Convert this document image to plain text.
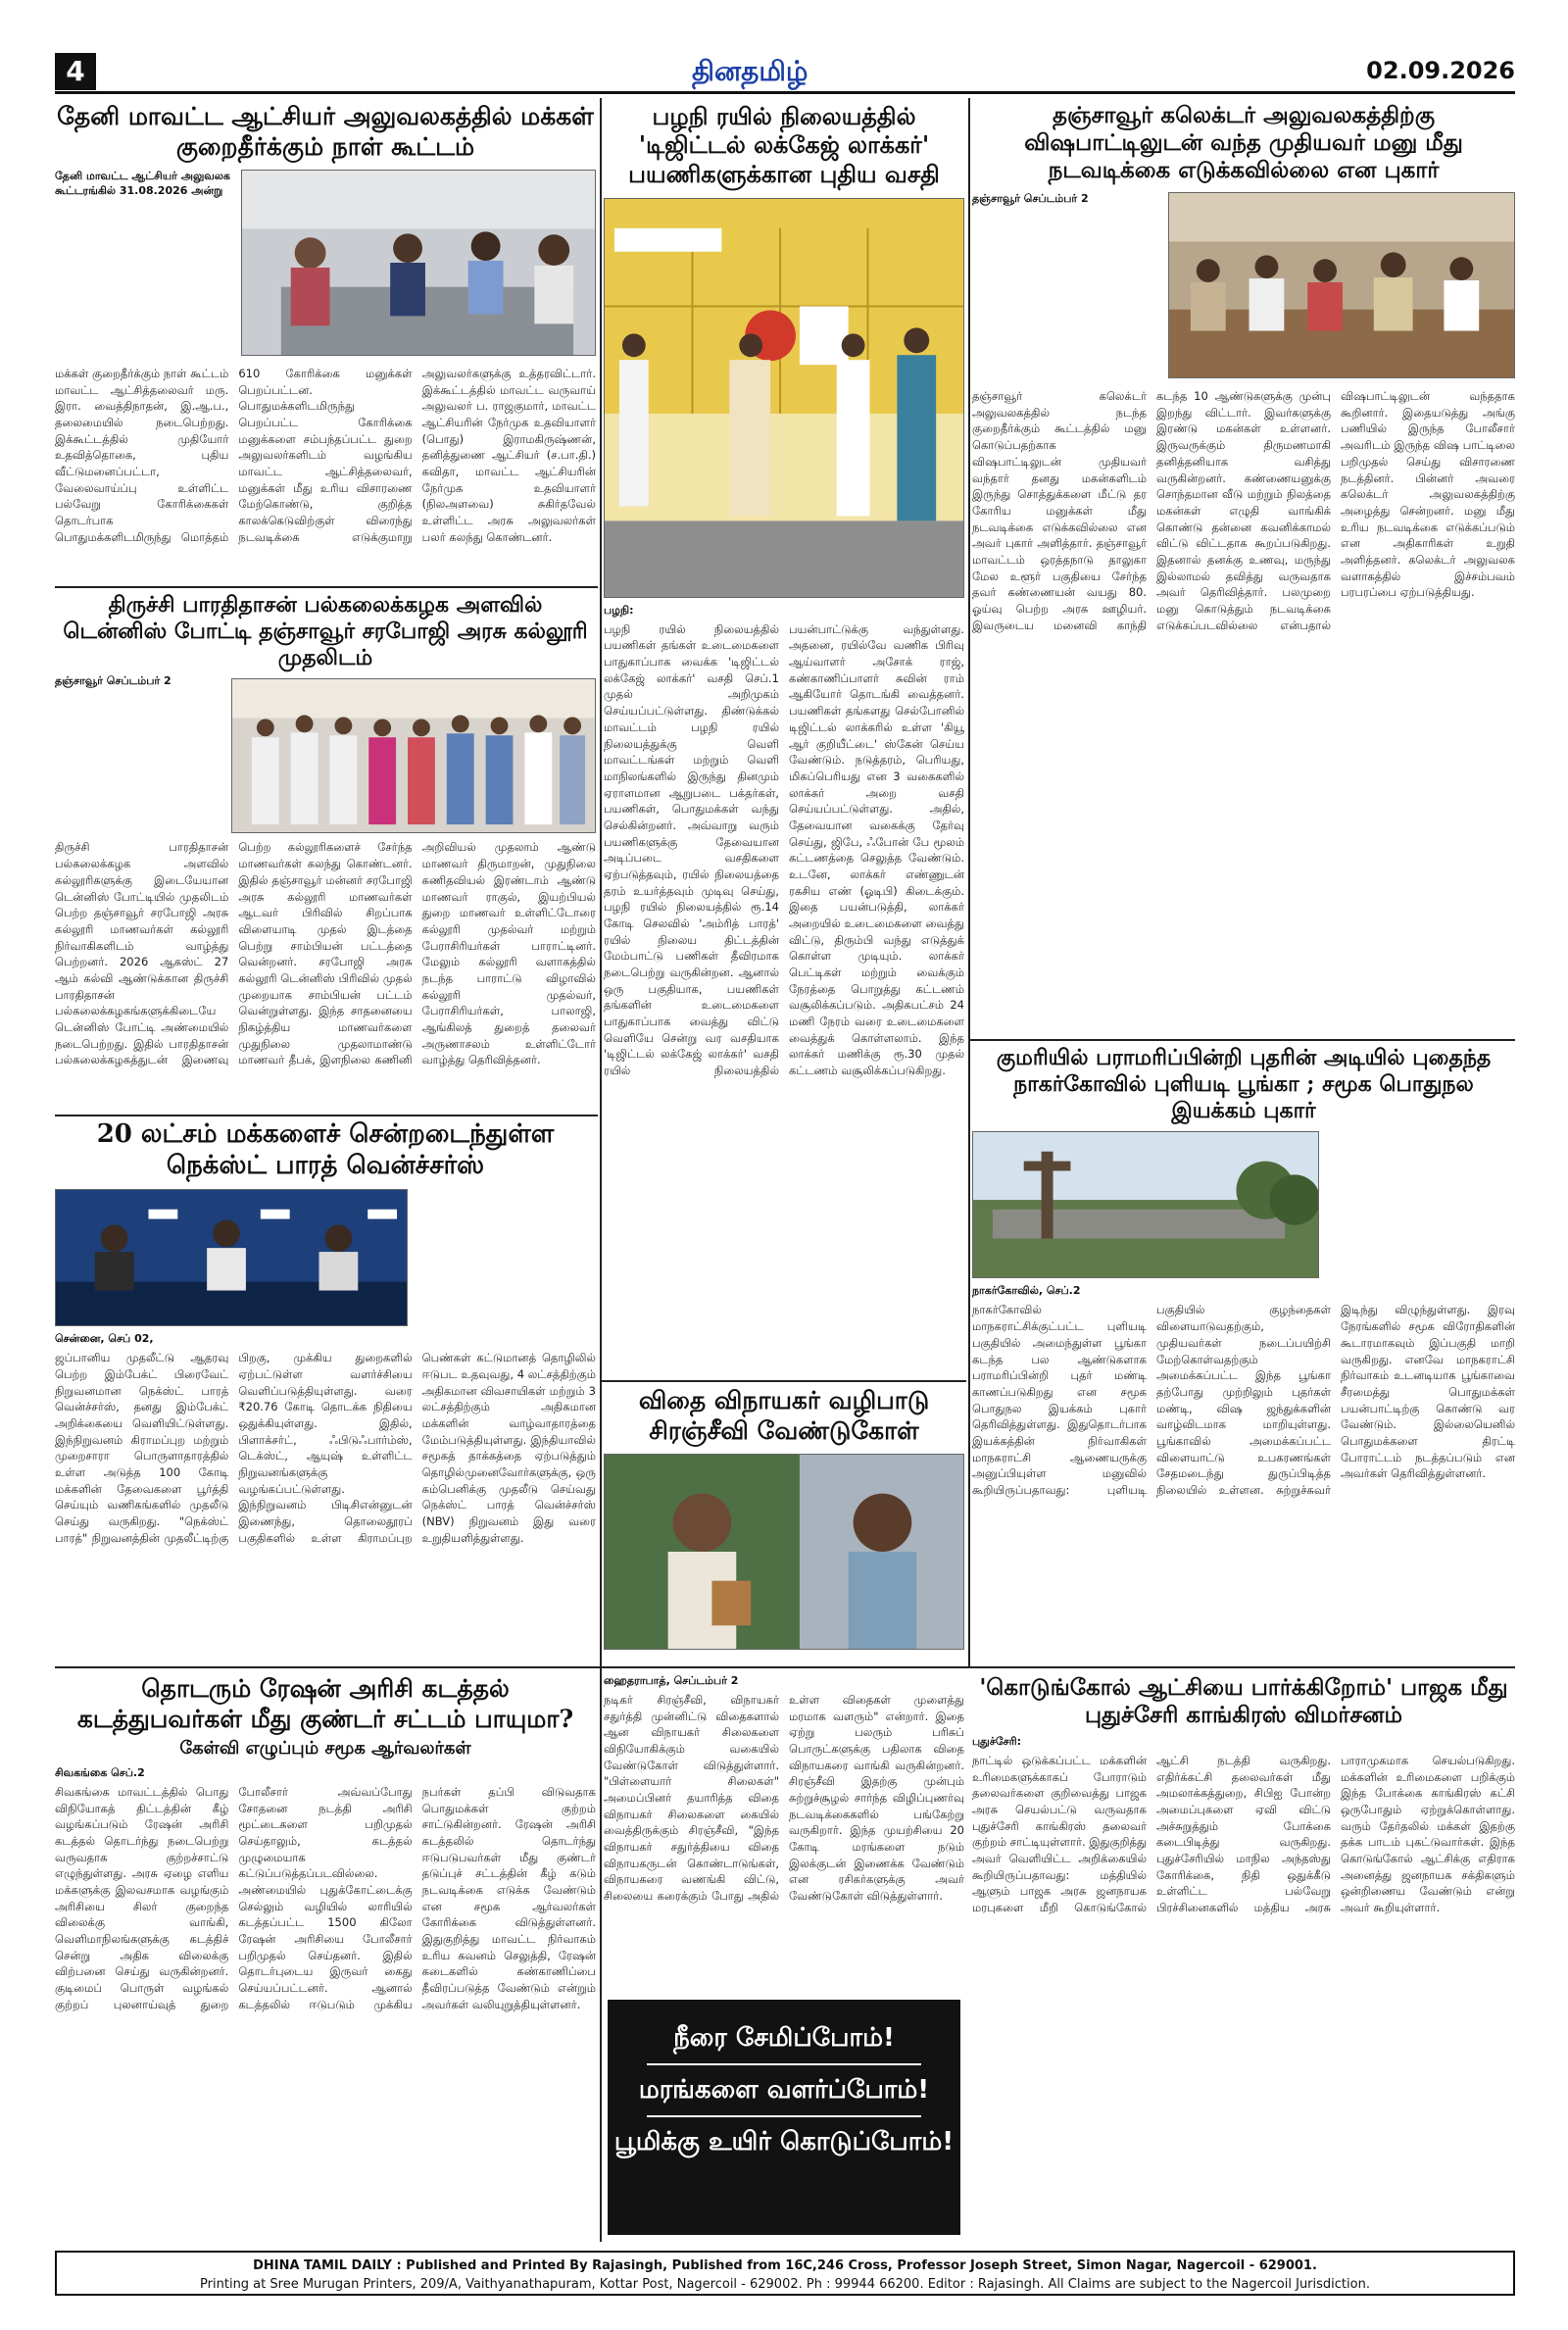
4	தினதமிழ்	02.09.2026
தேனி மாவட்ட ஆட்சியர் அலுவலகத்தில் மக்கள் குறைதீர்க்கும் நாள் கூட்டம்
தேனி மாவட்ட ஆட்சியர் அலுவலக கூட்டரங்கில் 31.08.2026 அன்று
மக்கள் குறைதீர்க்கும் நாள் கூட்டம் மாவட்ட ஆட்சித்தலைவர் மரு. இரா. வைத்திநாதன், இ.ஆ.ப., தலைமையில் நடைபெற்றது. இக்கூட்டத்தில் முதியோர் உதவித்தொகை, புதிய வீட்டுமனைப்பட்டா, வேலைவாய்ப்பு உள்ளிட்ட பல்வேறு கோரிக்கைகள் தொடர்பாக பொதுமக்களிடமிருந்து மொத்தம் 610 கோரிக்கை மனுக்கள் பெறப்பட்டன. பொதுமக்களிடமிருந்து பெறப்பட்ட கோரிக்கை மனுக்களை சம்பந்தப்பட்ட துறை அலுவலர்களிடம் வழங்கிய மாவட்ட ஆட்சித்தலைவர், மனுக்கள் மீது உரிய விசாரணை மேற்கொண்டு, குறித்த காலக்கெடுவிற்குள் விரைந்து நடவடிக்கை எடுக்குமாறு அலுவலர்களுக்கு உத்தரவிட்டார். இக்கூட்டத்தில் மாவட்ட வருவாய் அலுவலர் ப. ராஜகுமார், மாவட்ட ஆட்சியரின் நேர்முக உதவியாளர் (பொது) இராமகிருஷ்ணன், தனித்துணை ஆட்சியர் (ச.பா.தி.) கவிதா, மாவட்ட ஆட்சியரின் நேர்முக உதவியாளர் (நிலஅளவை) சுகிர்தவேல் உள்ளிட்ட அரசு அலுவலர்கள் பலர் கலந்து கொண்டனர்.
திருச்சி பாரதிதாசன் பல்கலைக்கழக அளவில் டென்னிஸ் போட்டி தஞ்சாவூர் சரபோஜி அரசு கல்லூரி முதலிடம்
தஞ்சாவூர் செப்டம்பர் 2
திருச்சி பாரதிதாசன் பல்கலைக்கழக அளவில் கல்லூரிகளுக்கு இடையேயான டென்னிஸ் போட்டியில் முதலிடம் பெற்ற தஞ்சாவூர் சரபோஜி அரசு கல்லூரி மாணவர்கள் கல்லூரி நிர்வாகிகளிடம் வாழ்த்து பெற்றனர். 2026 ஆகஸ்ட் 27 ஆம் கல்வி ஆண்டுக்கான திருச்சி பாரதிதாசன் பல்கலைக்கழகங்களுக்கிடையே டென்னிஸ் போட்டி அண்மையில் நடைபெற்றது. இதில் பாரதிதாசன் பல்கலைக்கழகத்துடன் இணைவு பெற்ற கல்லூரிகளைச் சேர்ந்த மாணவர்கள் கலந்து கொண்டனர். இதில் தஞ்சாவூர் மன்னர் சரபோஜி அரசு கல்லூரி மாணவர்கள் ஆடவர் பிரிவில் சிறப்பாக விளையாடி முதல் இடத்தை பெற்று சாம்பியன் பட்டத்தை வென்றனர். சரபோஜி அரசு கல்லூரி டென்னிஸ் பிரிவில் முதல் முறையாக சாம்பியன் பட்டம் வென்றுள்ளது. இந்த சாதனையை நிகழ்த்திய மாணவர்களை முதுநிலை முதலாமாண்டு மாணவர் தீபக், இளநிலை கணினி அறிவியல் முதலாம் ஆண்டு மாணவர் திருமாறன், முதுநிலை கணிதவியல் இரண்டாம் ஆண்டு மாணவர் ராகுல், இயற்பியல் துறை மாணவர் உள்ளிட்டோரை கல்லூரி முதல்வர் மற்றும் பேராசிரியர்கள் பாராட்டினர். மேலும் கல்லூரி வளாகத்தில் நடந்த பாராட்டு விழாவில் கல்லூரி முதல்வர், பேராசிரியர்கள், பாலாஜி, ஆங்கிலத் துறைத் தலைவர் அருணாசலம் உள்ளிட்டோர் வாழ்த்து தெரிவித்தனர்.
20 லட்சம் மக்களைச் சென்றடைந்துள்ள நெக்ஸ்ட் பாரத் வென்ச்சர்ஸ்
சென்னை, செப் 02,
ஜப்பானிய முதலீட்டு ஆதரவு பெற்ற இம்பேக்ட் பிரைவேட் நிறுவனமான நெக்ஸ்ட் பாரத் வென்ச்சர்ஸ், தனது இம்பேக்ட் அறிக்கையை வெளியிட்டுள்ளது. இந்நிறுவனம் கிராமப்புற மற்றும் முறைசாரா பொருளாதாரத்தில் உள்ள அடுத்த 100 கோடி மக்களின் தேவைகளை பூர்த்தி செய்யும் வணிகங்களில் முதலீடு செய்து வருகிறது. "நெக்ஸ்ட் பாரத்" நிறுவனத்தின் முதலீட்டிற்கு பிறகு, முக்கிய துறைகளில் ஏற்பட்டுள்ள வளர்ச்சியை வெளிப்படுத்தியுள்ளது. வரை ₹20.76 கோடி தொடக்க நிதியை ஒதுக்கியுள்ளது. இதில், பிளாக்சர்ட், ஃபிடுஃபார்ம்ஸ், டெக்ஸ்ட், ஆயுஷ் உள்ளிட்ட நிறுவனங்களுக்கு வழங்கப்பட்டுள்ளது. இந்நிறுவனம் பிடிசிஎன்னுடன் இணைந்து, தொலைதூரப் பகுதிகளில் உள்ள கிராமப்புற பெண்கள் கட்டுமானத் தொழிலில் ஈடுபட உதவுவது, 4 லட்சத்திற்கும் அதிகமான விவசாயிகள் மற்றும் 3 லட்சத்திற்கும் அதிகமான மக்களின் வாழ்வாதாரத்தை மேம்படுத்தியுள்ளது. இந்தியாவில் சமூகத் தாக்கத்தை ஏற்படுத்தும் தொழில்முனைவோர்களுக்கு, ஒரு கம்பெனிக்கு முதலீடு செய்வது நெக்ஸ்ட் பாரத் வென்ச்சர்ஸ் (NBV) நிறுவனம் இது வரை உறுதியளித்துள்ளது.
பழநி ரயில் நிலையத்தில் 'டிஜிட்டல் லக்கேஜ் லாக்கர்' பயணிகளுக்கான புதிய வசதி
பழநி:
பழநி ரயில் நிலையத்தில் பயணிகள் தங்கள் உடைமைகளை பாதுகாப்பாக வைக்க 'டிஜிட்டல் லக்கேஜ் லாக்கர்' வசதி செப்.1 முதல் அறிமுகம் செய்யப்பட்டுள்ளது. திண்டுக்கல் மாவட்டம் பழநி ரயில் நிலையத்துக்கு வெளி மாவட்டங்கள் மற்றும் வெளி மாநிலங்களில் இருந்து தினமும் ஏராளமான ஆறுபடை பக்தர்கள், பயணிகள், பொதுமக்கள் வந்து செல்கின்றனர். அவ்வாறு வரும் பயணிகளுக்கு தேவையான அடிப்படை வசதிகளை ஏற்படுத்தவும், ரயில் நிலையத்தை தரம் உயர்த்தவும் முடிவு செய்து, பழநி ரயில் நிலையத்தில் ரூ.14 கோடி செலவில் 'அம்ரித் பாரத்' ரயில் நிலைய திட்டத்தின் மேம்பாட்டு பணிகள் தீவிரமாக நடைபெற்று வருகின்றன. ஆனால் ஒரு பகுதியாக, பயணிகள் தங்களின் உடைமைகளை பாதுகாப்பாக வைத்து விட்டு வெளியே சென்று வர வசதியாக 'டிஜிட்டல் லக்கேஜ் லாக்கர்' வசதி ரயில் நிலையத்தில் பயன்பாட்டுக்கு வந்துள்ளது. அதனை, ரயில்வே வணிக பிரிவு ஆய்வாளர் அசோக் ராஜ், கண்காணிப்பாளர் சுவின் ராம் ஆகியோர் தொடங்கி வைத்தனர். பயணிகள் தங்களது செல்போனில் டிஜிட்டல் லாக்கரில் உள்ள 'கியூ ஆர் குறியீட்டை' ஸ்கேன் செய்ய வேண்டும். நடுத்தரம், பெரியது, மிகப்பெரியது என 3 வகைகளில் லாக்கர் அறை வசதி செய்யப்பட்டுள்ளது. அதில், தேவையான வகைக்கு தேர்வு செய்து, ஜிபே, ஃபோன் பே மூலம் கட்டணத்தை செலுத்த வேண்டும். உடனே, லாக்கர் எண்ணுடன் ரகசிய எண் (ஓடிபி) கிடைக்கும். இதை பயன்படுத்தி, லாக்கர் அறையில் உடைமைகளை வைத்து விட்டு, திரும்பி வந்து எடுத்துக் கொள்ள முடியும். லாக்கர் பெட்டிகள் மற்றும் வைக்கும் நேரத்தை பொறுத்து கட்டணம் வசூலிக்கப்படும். அதிகபட்சம் 24 மணி நேரம் வரை உடைமைகளை வைத்துக் கொள்ளலாம். இந்த லாக்கர் மணிக்கு ரூ.30 முதல் கட்டணம் வசூலிக்கப்படுகிறது.
விதை விநாயகர் வழிபாடு சிரஞ்சீவி வேண்டுகோள்
தஞ்சாவூர் கலெக்டர் அலுவலகத்திற்கு விஷபாட்டிலுடன் வந்த முதியவர் மனு மீது நடவடிக்கை எடுக்கவில்லை என புகார்
தஞ்சாவூர் செப்டம்பர் 2
தஞ்சாவூர் கலெக்டர் அலுவலகத்தில் நடந்த குறைதீர்க்கும் கூட்டத்தில் மனு கொடுப்பதற்காக விஷபாட்டிலுடன் முதியவர் வந்தார் தனது மகன்களிடம் இருந்து சொத்துக்களை மீட்டு தர கோரிய மனுக்கள் மீது நடவடிக்கை எடுக்கவில்லை என அவர் புகார் அளித்தார். தஞ்சாவூர் மாவட்டம் ஒரத்தநாடு தாலுகா மேல உளூர் பகுதியை சேர்ந்த தவர் கண்ணையன் வயது 80. ஓய்வு பெற்ற அரசு ஊழியர். இவருடைய மனைவி காந்தி கடந்த 10 ஆண்டுகளுக்கு முன்பு இறந்து விட்டார். இவர்களுக்கு இரண்டு மகன்கள் உள்ளனர். இருவருக்கும் திருமணமாகி தனித்தனியாக வசித்து வருகின்றனர். கண்ணையனுக்கு சொந்தமான வீடு மற்றும் நிலத்தை மகன்கள் எழுதி வாங்கிக் கொண்டு தன்னை கவனிக்காமல் விட்டு விட்டதாக கூறப்படுகிறது. இதனால் தனக்கு உணவு, மருந்து இல்லாமல் தவித்து வருவதாக அவர் தெரிவித்தார். பலமுறை மனு கொடுத்தும் நடவடிக்கை எடுக்கப்படவில்லை என்பதால் விஷபாட்டிலுடன் வந்ததாக கூறினார். இதையடுத்து அங்கு பணியில் இருந்த போலீசார் அவரிடம் இருந்த விஷ பாட்டிலை பறிமுதல் செய்து விசாரணை நடத்தினர். பின்னர் அவரை கலெக்டர் அலுவலகத்திற்கு அழைத்து சென்றனர். மனு மீது உரிய நடவடிக்கை எடுக்கப்படும் என அதிகாரிகள் உறுதி அளித்தனர். கலெக்டர் அலுவலக வளாகத்தில் இச்சம்பவம் பரபரப்பை ஏற்படுத்தியது.
குமரியில் பராமரிப்பின்றி புதரின் அடியில் புதைந்த நாகர்கோவில் புளியடி பூங்கா ; சமூக பொதுநல இயக்கம் புகார்
நாகர்கோவில், செப்.2
நாகர்கோவில் மாநகராட்சிக்குட்பட்ட புளியடி பகுதியில் அமைந்துள்ள பூங்கா கடந்த பல ஆண்டுகளாக பராமரிப்பின்றி புதர் மண்டி காணப்படுகிறது என சமூக பொதுநல இயக்கம் புகார் தெரிவித்துள்ளது. இதுதொடர்பாக இயக்கத்தின் நிர்வாகிகள் மாநகராட்சி ஆணையருக்கு அனுப்பியுள்ள மனுவில் கூறியிருப்பதாவது: புளியடி பகுதியில் குழந்தைகள் விளையாடுவதற்கும், முதியவர்கள் நடைப்பயிற்சி மேற்கொள்வதற்கும் அமைக்கப்பட்ட இந்த பூங்கா தற்போது முற்றிலும் புதர்கள் மண்டி, விஷ ஜந்துக்களின் வாழ்விடமாக மாறியுள்ளது. பூங்காவில் அமைக்கப்பட்ட விளையாட்டு உபகரணங்கள் சேதமடைந்து துருப்பிடித்த நிலையில் உள்ளன. சுற்றுச்சுவர் இடிந்து விழுந்துள்ளது. இரவு நேரங்களில் சமூக விரோதிகளின் கூடாரமாகவும் இப்பகுதி மாறி வருகிறது. எனவே மாநகராட்சி நிர்வாகம் உடனடியாக பூங்காவை சீரமைத்து பொதுமக்கள் பயன்பாட்டிற்கு கொண்டு வர வேண்டும். இல்லையெனில் பொதுமக்களை திரட்டி போராட்டம் நடத்தப்படும் என அவர்கள் தெரிவித்துள்ளனர்.
தொடரும் ரேஷன் அரிசி கடத்தல் கடத்துபவர்கள் மீது குண்டர் சட்டம் பாயுமா?
கேள்வி எழுப்பும் சமூக ஆர்வலர்கள்
சிவகங்கை செப்.2
சிவகங்கை மாவட்டத்தில் பொது விநியோகத் திட்டத்தின் கீழ் வழங்கப்படும் ரேஷன் அரிசி கடத்தல் தொடர்ந்து நடைபெற்று வருவதாக குற்றச்சாட்டு எழுந்துள்ளது. அரசு ஏழை எளிய மக்களுக்கு இலவசமாக வழங்கும் அரிசியை சிலர் குறைந்த விலைக்கு வாங்கி, வெளிமாநிலங்களுக்கு கடத்திச் சென்று அதிக விலைக்கு விற்பனை செய்து வருகின்றனர். குடிமைப் பொருள் வழங்கல் குற்றப் புலனாய்வுத் துறை போலீசார் அவ்வப்போது சோதனை நடத்தி அரிசி மூட்டைகளை பறிமுதல் செய்தாலும், கடத்தல் முழுமையாக கட்டுப்படுத்தப்படவில்லை. அண்மையில் புதுக்கோட்டைக்கு செல்லும் வழியில் லாரியில் கடத்தப்பட்ட 1500 கிலோ ரேஷன் அரிசியை போலீசார் பறிமுதல் செய்தனர். இதில் தொடர்புடைய இருவர் கைது செய்யப்பட்டனர். ஆனால் கடத்தலில் ஈடுபடும் முக்கிய நபர்கள் தப்பி விடுவதாக பொதுமக்கள் குற்றம் சாட்டுகின்றனர். ரேஷன் அரிசி கடத்தலில் தொடர்ந்து ஈடுபடுபவர்கள் மீது குண்டர் தடுப்புச் சட்டத்தின் கீழ் கடும் நடவடிக்கை எடுக்க வேண்டும் என சமூக ஆர்வலர்கள் கோரிக்கை விடுத்துள்ளனர். இதுகுறித்து மாவட்ட நிர்வாகம் உரிய கவனம் செலுத்தி, ரேஷன் கடைகளில் கண்காணிப்பை தீவிரப்படுத்த வேண்டும் என்றும் அவர்கள் வலியுறுத்தியுள்ளனர்.
ஹைதராபாத், செப்டம்பர் 2
நடிகர் சிரஞ்சீவி, விநாயகர் சதுர்த்தி முன்னிட்டு விதைகளால் ஆன விநாயகர் சிலைகளை விநியோகிக்கும் வகையில் வேண்டுகோள் விடுத்துள்ளார். "பிள்ளையார் சிலைகள்" அமைப்பினர் தயாரித்த விதை விநாயகர் சிலைகளை கையில் வைத்திருக்கும் சிரஞ்சீவி, "இந்த விநாயகர் சதுர்த்தியை விதை விநாயகருடன் கொண்டாடுங்கள், விநாயகரை வணங்கி விட்டு, சிலையை கரைக்கும் போது அதில் உள்ள விதைகள் முளைத்து மரமாக வளரும்" என்றார். இதை ஏற்று பலரும் பரிசுப் பொருட்களுக்கு பதிலாக விதை விநாயகரை வாங்கி வருகின்றனர். சிரஞ்சீவி இதற்கு முன்பும் சுற்றுச்சூழல் சார்ந்த விழிப்புணர்வு நடவடிக்கைகளில் பங்கேற்று வருகிறார். இந்த முயற்சியை 20 கோடி மரங்களை நடும் இலக்குடன் இணைக்க வேண்டும் என ரசிகர்களுக்கு அவர் வேண்டுகோள் விடுத்துள்ளார்.
நீரை சேமிப்போம்!
மரங்களை வளர்ப்போம்!
பூமிக்கு உயிர் கொடுப்போம்!
'கொடுங்கோல் ஆட்சியை பார்க்கிறோம்' பாஜக மீது புதுச்சேரி காங்கிரஸ் விமர்சனம்
புதுச்சேரி:
நாட்டில் ஒடுக்கப்பட்ட மக்களின் உரிமைகளுக்காகப் போராடும் தலைவர்களை குறிவைத்து பாஜக அரசு செயல்பட்டு வருவதாக புதுச்சேரி காங்கிரஸ் தலைவர் குற்றம் சாட்டியுள்ளார். இதுகுறித்து அவர் வெளியிட்ட அறிக்கையில் கூறியிருப்பதாவது: மத்தியில் ஆளும் பாஜக அரசு ஜனநாயக மரபுகளை மீறி கொடுங்கோல் ஆட்சி நடத்தி வருகிறது. எதிர்க்கட்சி தலைவர்கள் மீது அமலாக்கத்துறை, சிபிஐ போன்ற அமைப்புகளை ஏவி விட்டு அச்சுறுத்தும் போக்கை கடைபிடித்து வருகிறது. புதுச்சேரியில் மாநில அந்தஸ்து கோரிக்கை, நிதி ஒதுக்கீடு உள்ளிட்ட பல்வேறு பிரச்சினைகளில் மத்திய அரசு பாராமுகமாக செயல்படுகிறது. மக்களின் உரிமைகளை பறிக்கும் இந்த போக்கை காங்கிரஸ் கட்சி ஒருபோதும் ஏற்றுக்கொள்ளாது. வரும் தேர்தலில் மக்கள் இதற்கு தக்க பாடம் புகட்டுவார்கள். இந்த கொடுங்கோல் ஆட்சிக்கு எதிராக அனைத்து ஜனநாயக சக்திகளும் ஒன்றிணைய வேண்டும் என்று அவர் கூறியுள்ளார்.
DHINA TAMIL DAILY : Published and Printed By Rajasingh, Published from 16C,246 Cross, Professor Joseph Street, Simon Nagar, Nagercoil - 629001.
Printing at Sree Murugan Printers, 209/A, Vaithyanathapuram, Kottar Post, Nagercoil - 629002. Ph : 99944 66200. Editor : Rajasingh. All Claims are subject to the Nagercoil Jurisdiction.
